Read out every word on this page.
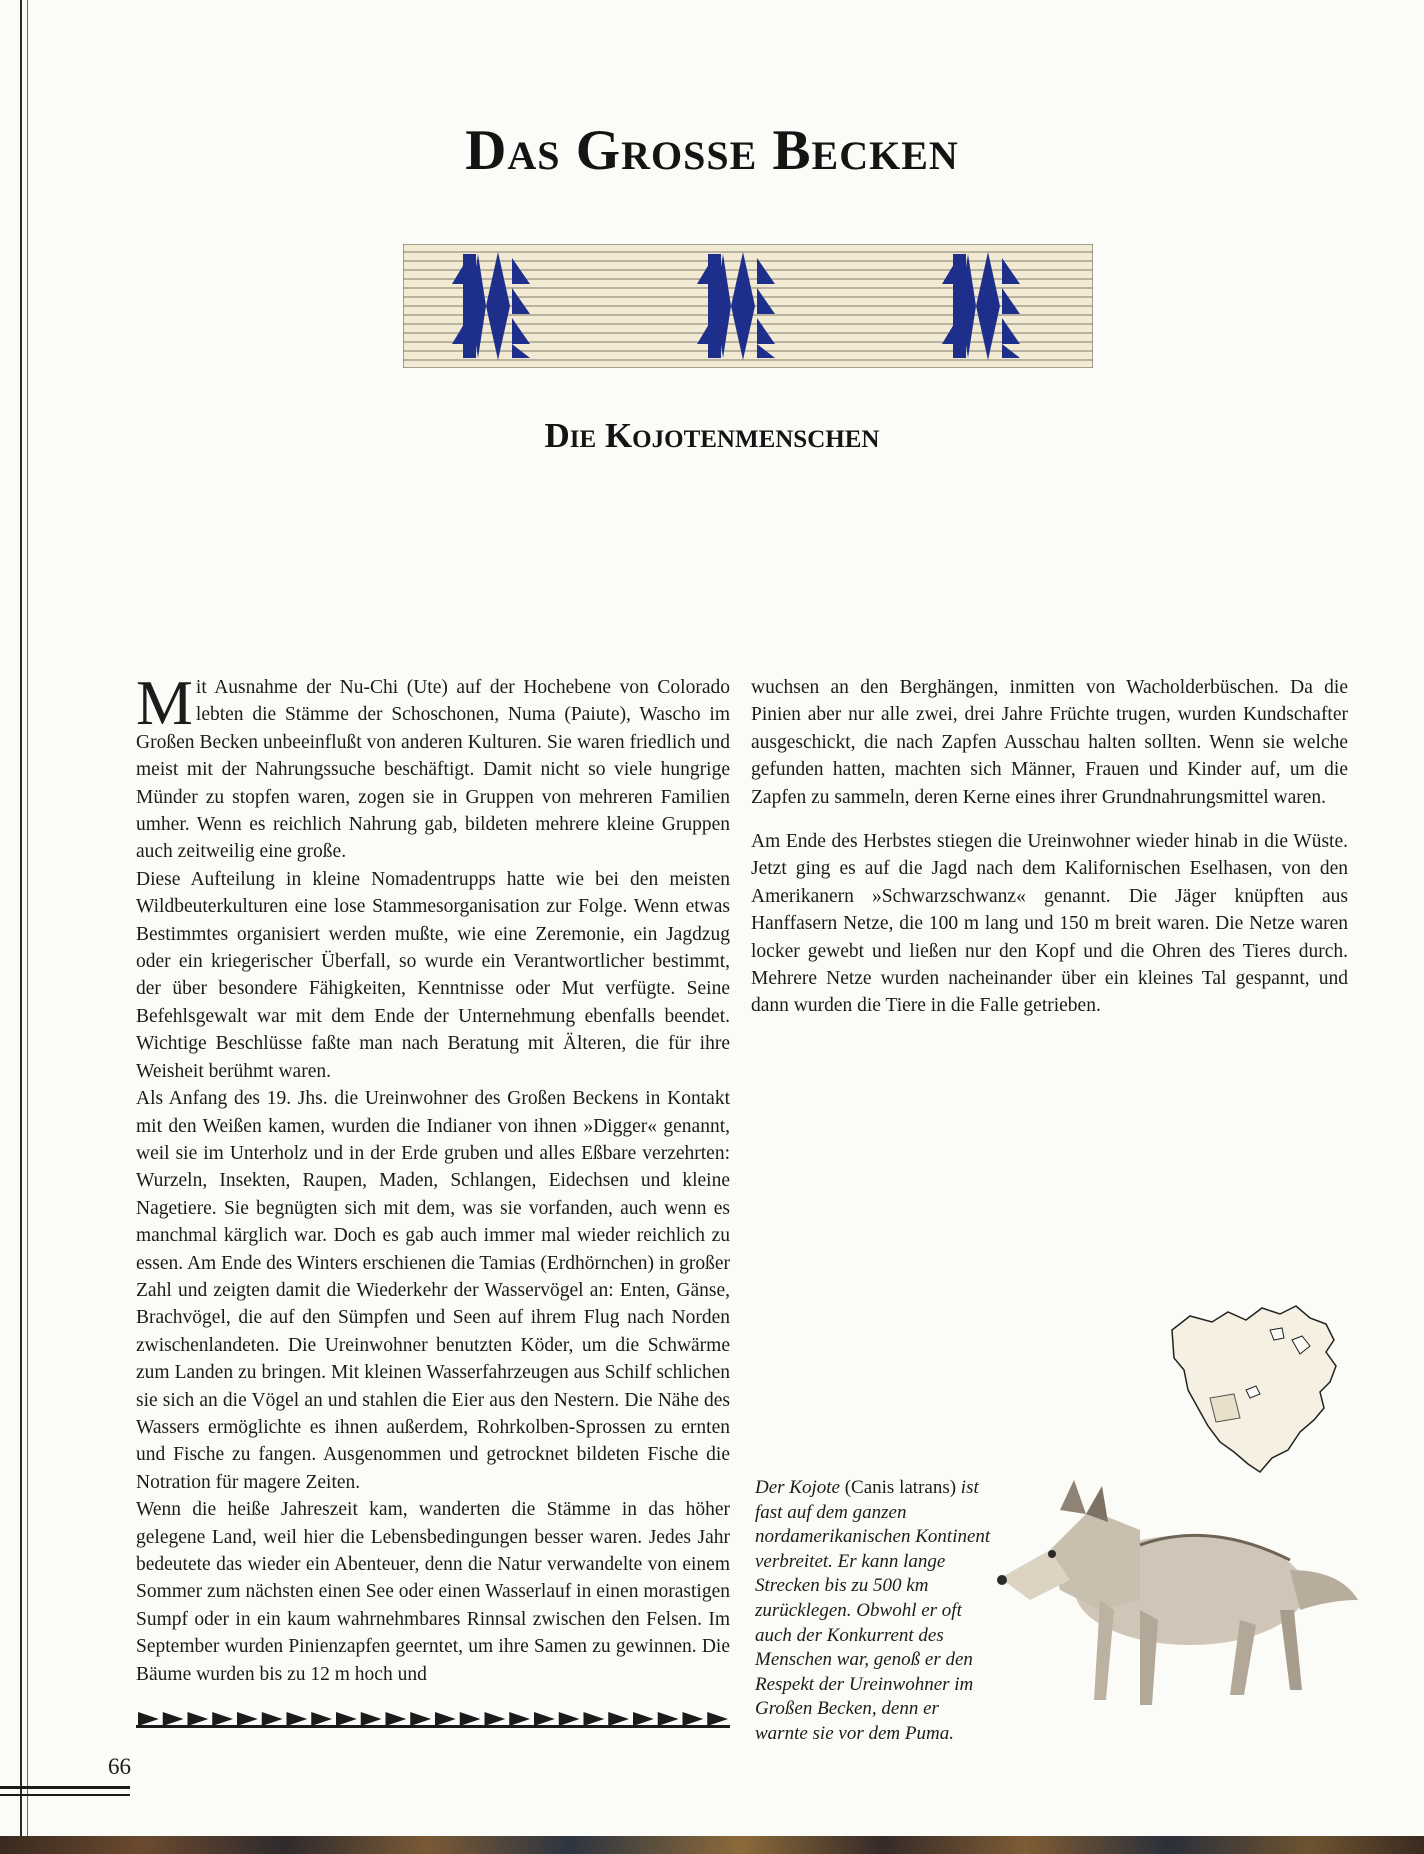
Das Grosse Becken
Die Kojotenmenschen

Mit Ausnahme der Nu-Chi (Ute) auf der Hochebene von Colorado lebten die Stämme der Schoschonen, Numa (Paiute), Wascho im Großen Becken unbeeinflußt von anderen Kulturen. Sie waren friedlich und meist mit der Nahrungssuche beschäftigt. Damit nicht so viele hungrige Münder zu stopfen waren, zogen sie in Gruppen von mehreren Familien umher. Wenn es reichlich Nahrung gab, bildeten mehrere kleine Gruppen auch zeitweilig eine große.

Diese Aufteilung in kleine Nomadentrupps hatte wie bei den meisten Wildbeuterkulturen eine lose Stammesorganisation zur Folge. Wenn etwas Bestimmtes organisiert werden mußte, wie eine Zeremonie, ein Jagdzug oder ein kriegerischer Überfall, so wurde ein Verantwortlicher bestimmt, der über besondere Fähigkeiten, Kenntnisse oder Mut verfügte. Seine Befehlsgewalt war mit dem Ende der Unternehmung ebenfalls beendet. Wichtige Beschlüsse faßte man nach Beratung mit Älteren, die für ihre Weisheit berühmt waren.

Als Anfang des 19. Jhs. die Ureinwohner des Großen Beckens in Kontakt mit den Weißen kamen, wurden die Indianer von ihnen »Digger« genannt, weil sie im Unterholz und in der Erde gruben und alles Eßbare verzehrten: Wurzeln, Insekten, Raupen, Maden, Schlangen, Eidechsen und kleine Nagetiere. Sie begnügten sich mit dem, was sie vorfanden, auch wenn es manchmal kärglich war. Doch es gab auch immer mal wieder reichlich zu essen. Am Ende des Winters erschienen die Tamias (Erdhörnchen) in großer Zahl und zeigten damit die Wiederkehr der Wasservögel an: Enten, Gänse, Brachvögel, die auf den Sümpfen und Seen auf ihrem Flug nach Norden zwischenlandeten. Die Ureinwohner benutzten Köder, um die Schwärme zum Landen zu bringen. Mit kleinen Wasserfahrzeugen aus Schilf schlichen sie sich an die Vögel an und stahlen die Eier aus den Nestern. Die Nähe des Wassers ermöglichte es ihnen außerdem, Rohrkolben-Sprossen zu ernten und Fische zu fangen. Ausgenommen und getrocknet bildeten Fische die Notration für magere Zeiten.

Wenn die heiße Jahreszeit kam, wanderten die Stämme in das höher gelegene Land, weil hier die Lebensbedingungen besser waren. Jedes Jahr bedeutete das wieder ein Abenteuer, denn die Natur verwandelte von einem Sommer zum nächsten einen See oder einen Wasserlauf in einen morastigen Sumpf oder in ein kaum wahrnehmbares Rinnsal zwischen den Felsen. Im September wurden Pinienzapfen geerntet, um ihre Samen zu gewinnen. Die Bäume wurden bis zu 12 m hoch und

wuchsen an den Berghängen, inmitten von Wacholderbüschen. Da die Pinien aber nur alle zwei, drei Jahre Früchte trugen, wurden Kundschafter ausgeschickt, die nach Zapfen Ausschau halten sollten. Wenn sie welche gefunden hatten, machten sich Männer, Frauen und Kinder auf, um die Zapfen zu sammeln, deren Kerne eines ihrer Grundnahrungsmittel waren.

Am Ende des Herbstes stiegen die Ureinwohner wieder hinab in die Wüste. Jetzt ging es auf die Jagd nach dem Kalifornischen Eselhasen, von den Amerikanern »Schwarzschwanz« genannt. Die Jäger knüpften aus Hanffasern Netze, die 100 m lang und 150 m breit waren. Die Netze waren locker gewebt und ließen nur den Kopf und die Ohren des Tieres durch. Mehrere Netze wurden nacheinander über ein kleines Tal gespannt, und dann wurden die Tiere in die Falle getrieben.

Der Kojote (Canis latrans) ist fast auf dem ganzen nordamerikanischen Kontinent verbreitet. Er kann lange Strecken bis zu 500 km zurücklegen. Obwohl er oft auch der Konkurrent des Menschen war, genoß er den Respekt der Ureinwohner im Großen Becken, denn er warnte sie vor dem Puma.

66
